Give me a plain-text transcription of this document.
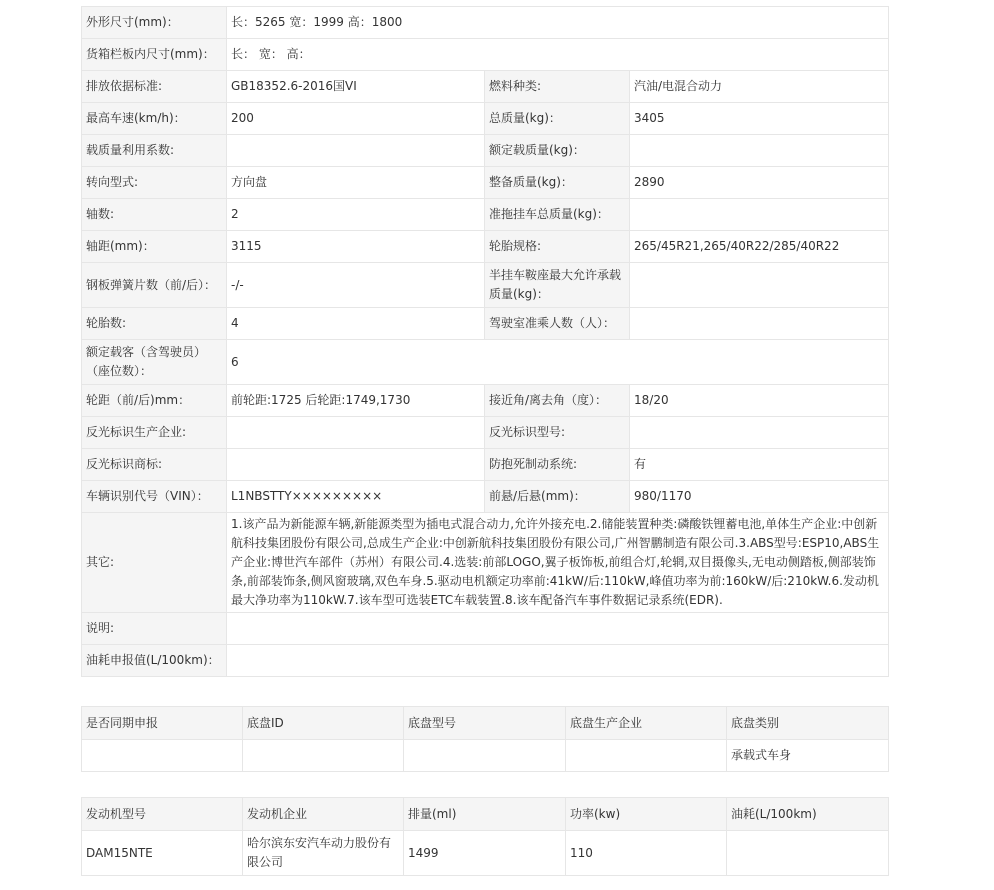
外形尺寸(mm)：	长：5265 宽：1999 高：1800		
货箱栏板内尺寸(mm)：	长： 宽： 高：		
排放依据标准:	GB18352.6-2016国VI	燃料种类:	汽油/电混合动力
最高车速(km/h)：	200	总质量(kg)：	3405
载质量利用系数:		额定载质量(kg)：	
转向型式:	方向盘	整备质量(kg)：	2890
轴数:	2	准拖挂车总质量(kg)：	
轴距(mm)：	3115	轮胎规格:	265/45R21,265/40R22/285/40R22
钢板弹簧片数（前/后）：	-/-	半挂车鞍座最大允许承载质量(kg)：	
轮胎数:	4	驾驶室准乘人数（人）：	
额定载客（含驾驶员）（座位数）：	6		
轮距（前/后)mm：	前轮距:1725 后轮距:1749,1730	接近角/离去角（度）：	18/20
反光标识生产企业:		反光标识型号:	
反光标识商标:		防抱死制动系统:	有
车辆识别代号（VIN）：	L1NBSTTY×××××××××	前悬/后悬(mm)：	980/1170
其它:	1.该产品为新能源车辆,新能源类型为插电式混合动力,允许外接充电.2.储能装置种类:磷酸铁锂蓄电池,单体生产企业:中创新航科技集团股份有限公司,总成生产企业:中创新航科技集团股份有限公司,广州智鹏制造有限公司.3.ABS型号:ESP10,ABS生产企业:博世汽车部件（苏州）有限公司.4.选装:前部LOGO,翼子板饰板,前组合灯,轮辋,双目摄像头,无电动侧踏板,侧部装饰条,前部装饰条,侧风窗玻璃,双色车身.5.驱动电机额定功率前:41kW/后:110kW,峰值功率为前:160kW/后:210kW.6.发动机最大净功率为110kW.7.该车型可选装ETC车载装置.8.该车配备汽车事件数据记录系统(EDR).		
说明:			
油耗申报值(L/100km)：			
是否同期申报	底盘ID	底盘型号	底盘生产企业	底盘类别
				承载式车身
发动机型号	发动机企业	排量(ml)	功率(kw)	油耗(L/100km)
DAM15NTE	哈尔滨东安汽车动力股份有限公司	1499	110	
